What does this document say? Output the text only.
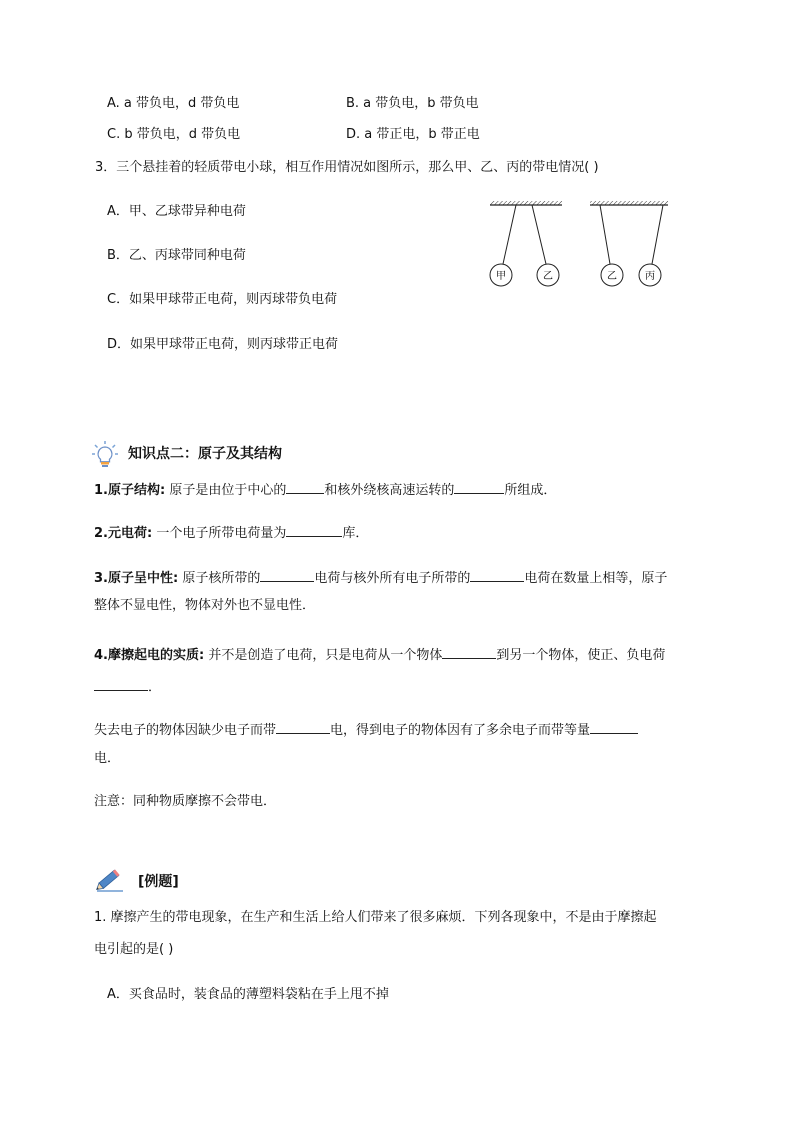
A. a 带负电，d 带负电	B. a 带负电，b 带负电
C. b 带负电，d 带负电	D. a 带正电，b 带正电
3．三个悬挂着的轻质带电小球，相互作用情况如图所示，那么甲、乙、丙的带电情况( )
A．甲、乙球带异种电荷
B．乙、丙球带同种电荷
C．如果甲球带正电荷，则丙球带负电荷
D．如果甲球带正电荷，则丙球带正电荷
甲	乙	乙	丙
知识点二：原子及其结构
1.原子结构: 原子是由位于中心的	和核外绕核高速运转的	所组成．
2.元电荷: 一个电子所带电荷量为	库．
3.原子呈中性: 原子核所带的	电荷与核外所有电子所带的	电荷在数量上相等，原子
整体不显电性，物体对外也不显电性．
4.摩擦起电的实质: 并不是创造了电荷，只是电荷从一个物体	到另一个物体，使正、负电荷
．
失去电子的物体因缺少电子而带	电，得到电子的物体因有了多余电子而带等量
电．
注意：同种物质摩擦不会带电．
[例题]
1. 摩擦产生的带电现象，在生产和生活上给人们带来了很多麻烦．下列各现象中，不是由于摩擦起
电引起的是( )
A．买食品时，装食品的薄塑料袋粘在手上甩不掉
